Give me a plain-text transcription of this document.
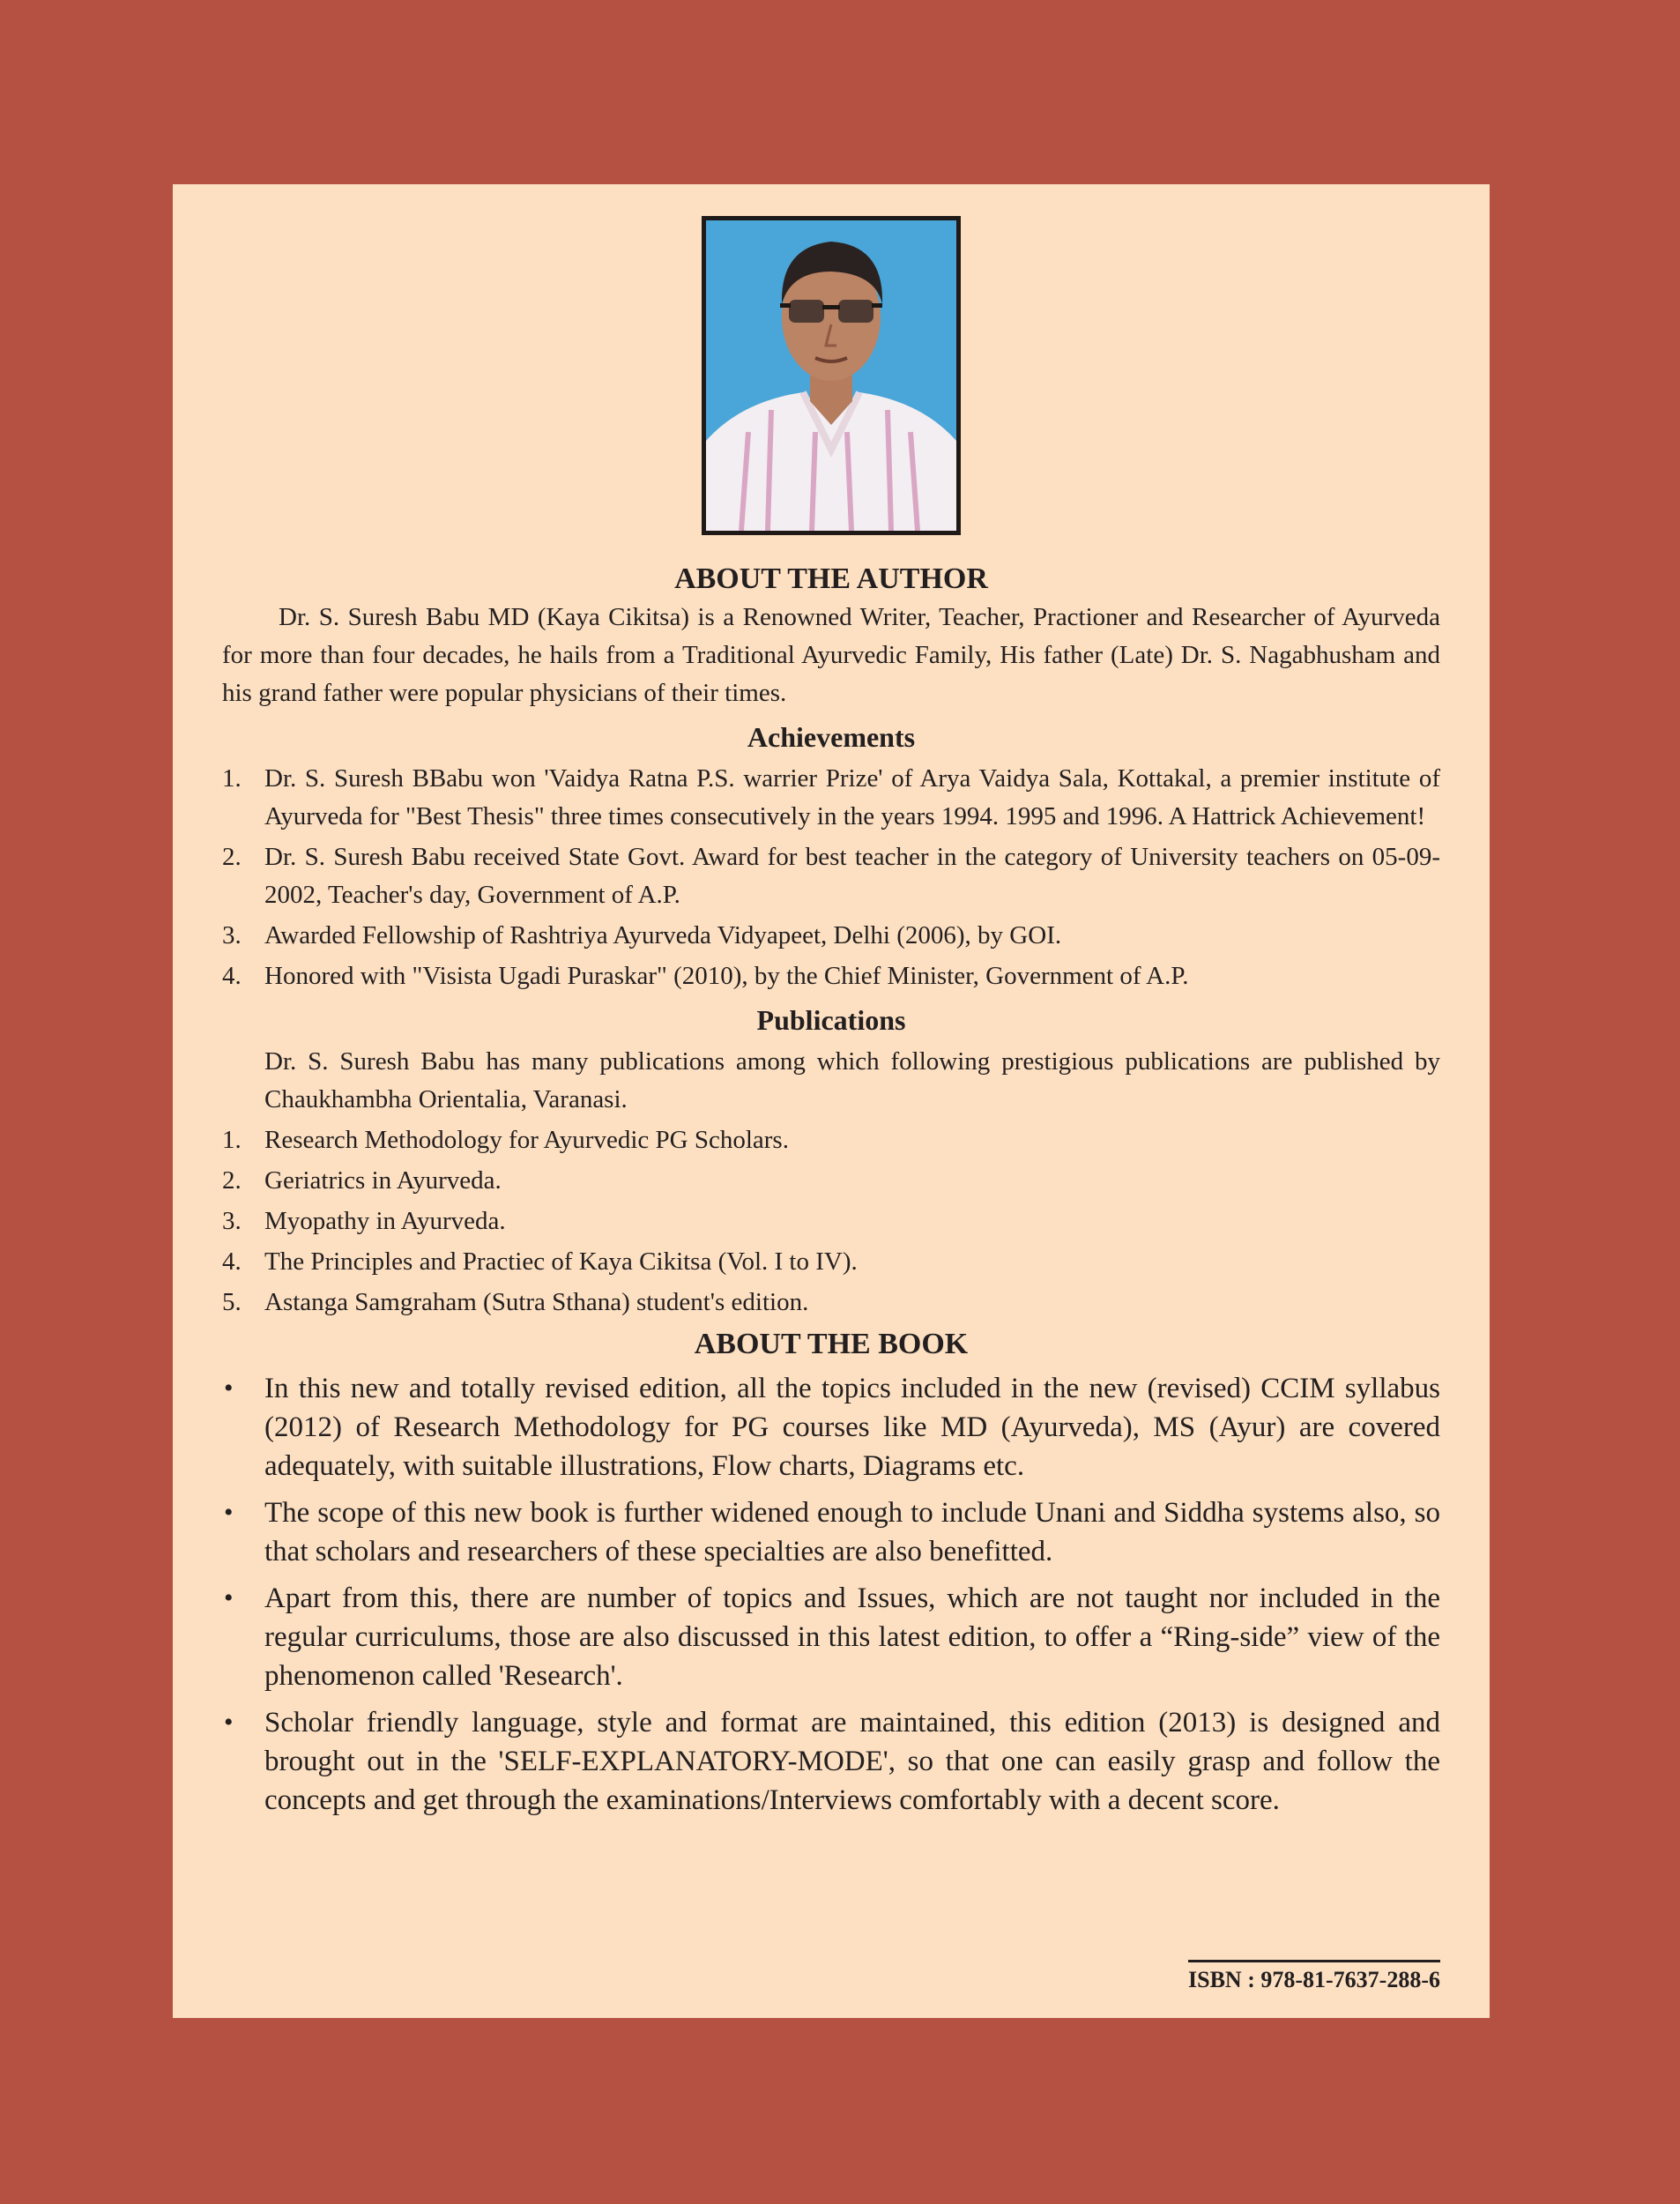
ABOUT THE AUTHOR

Dr. S. Suresh Babu MD (Kaya Cikitsa) is a Renowned Writer, Teacher, Practioner and Researcher of Ayurveda for more than four decades, he hails from a Traditional Ayurvedic Family, His father (Late) Dr. S. Nagabhusham and his grand father were popular physicians of their times.

Achievements
1. Dr. S. Suresh BBabu won 'Vaidya Ratna P.S. warrier Prize' of Arya Vaidya Sala, Kottakal, a premier institute of Ayurveda for "Best Thesis" three times consecutively in the years 1994. 1995 and 1996. A Hattrick Achievement!
2. Dr. S. Suresh Babu received State Govt. Award for best teacher in the category of University teachers on 05-09-2002, Teacher's day, Government of A.P.
3. Awarded Fellowship of Rashtriya Ayurveda Vidyapeet, Delhi (2006), by GOI.
4. Honored with "Visista Ugadi Puraskar" (2010), by the Chief Minister, Government of A.P.
Publications

Dr. S. Suresh Babu has many publications among which following prestigious publications are published by Chaukhambha Orientalia, Varanasi.

1. Research Methodology for Ayurvedic PG Scholars.
2. Geriatrics in Ayurveda.
3. Myopathy in Ayurveda.
4. The Principles and Practiec of Kaya Cikitsa (Vol. I to IV).
5. Astanga Samgraham (Sutra Sthana) student's edition.
ABOUT THE BOOK
• In this new and totally revised edition, all the topics included in the new (revised) CCIM syllabus (2012) of Research Methodology for PG courses like MD (Ayurveda), MS (Ayur) are covered adequately, with suitable illustrations, Flow charts, Diagrams etc.
• The scope of this new book is further widened enough to include Unani and Siddha systems also, so that scholars and researchers of these specialties are also benefitted.
• Apart from this, there are number of topics and Issues, which are not taught nor included in the regular curriculums, those are also discussed in this latest edition, to offer a “Ring-side” view of the phenomenon called 'Research'.
• Scholar friendly language, style and format are maintained, this edition (2013) is designed and brought out in the 'SELF-EXPLANATORY-MODE', so that one can easily grasp and follow the concepts and get through the examinations/Interviews comfortably with a decent score.
ISBN : 978-81-7637-288-6
